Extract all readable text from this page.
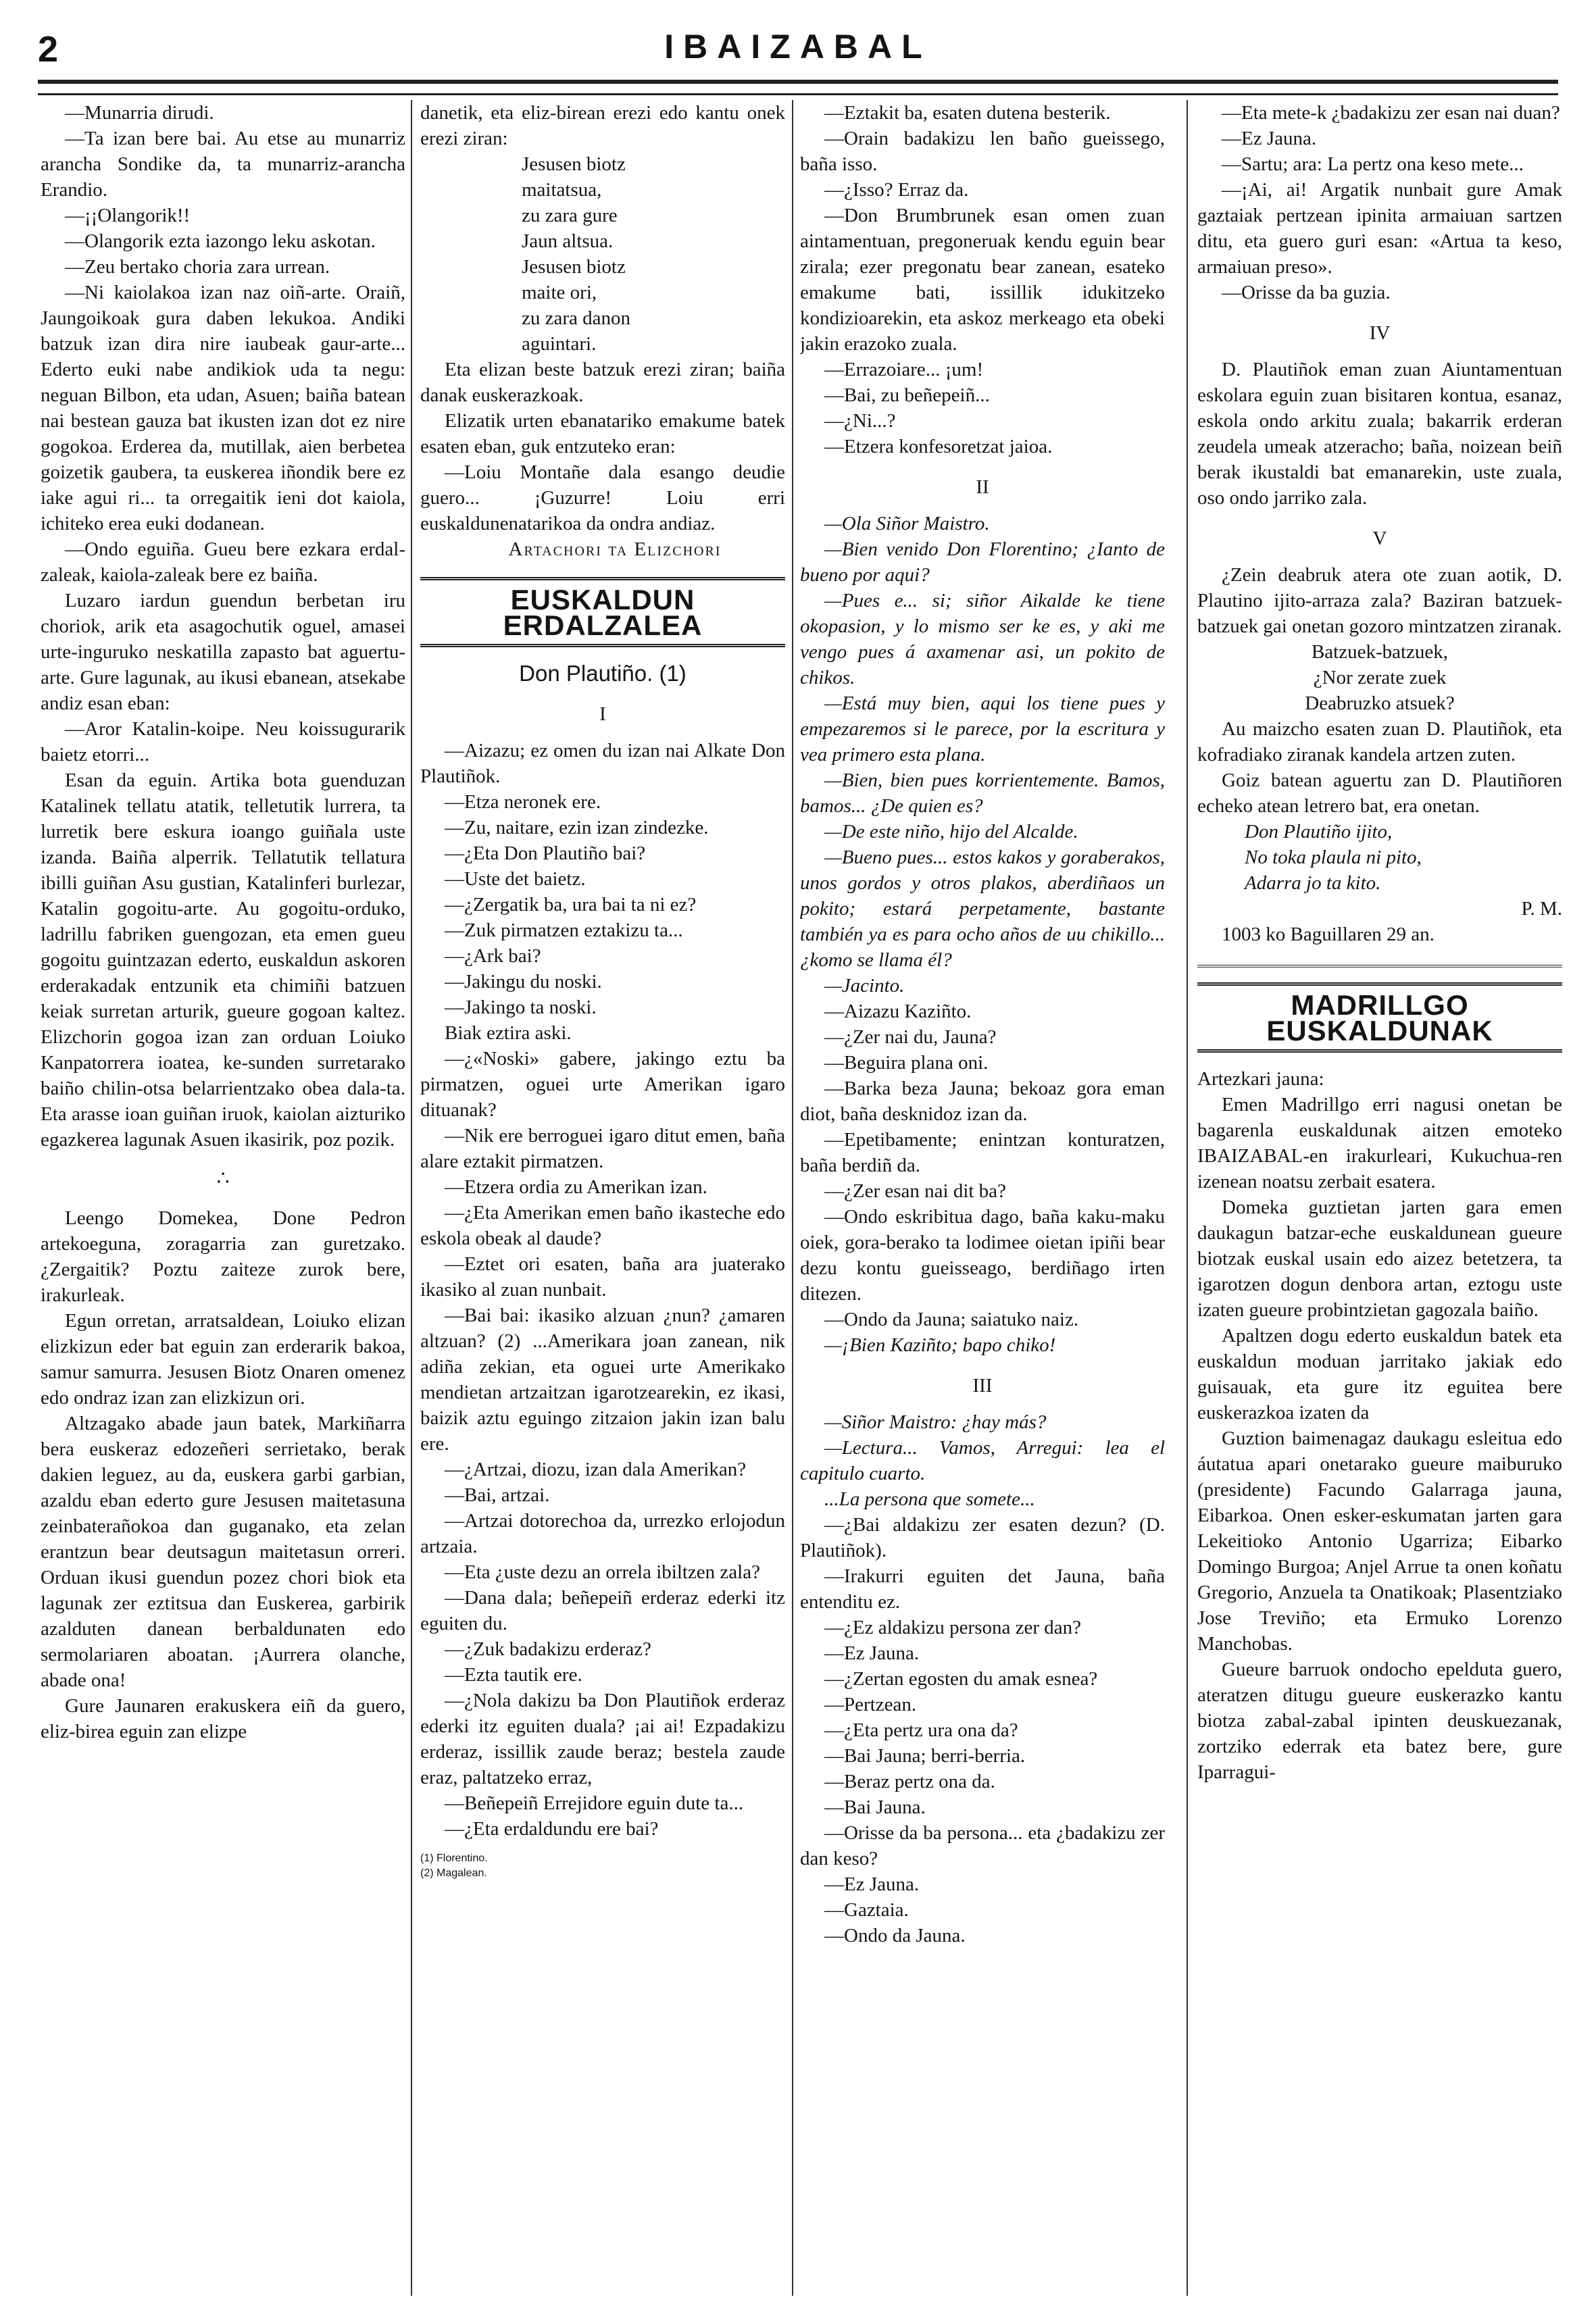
2	IBAIZABAL

—Munarria dirudi.

—Ta izan bere bai. Au etse au munarriz arancha Sondike da, ta munarriz-arancha Erandio.

—¡¡Olangorik!!

—Olangorik ezta iazongo leku askotan.

—Zeu bertako choria zara urrean.

—Ni kaiolakoa izan naz oiñ-arte. Oraiñ, Jaungoikoak gura daben lekukoa. Andiki batzuk izan dira nire iaubeak gaur-arte... Ederto euki nabe andikiok uda ta negu: neguan Bilbon, eta udan, Asuen; baiña batean nai bestean gauza bat ikusten izan dot ez nire gogokoa. Erderea da, mutillak, aien berbetea goizetik gaubera, ta euskerea iñondik bere ez iake agui ri... ta orregaitik ieni dot kaiola, ichiteko erea euki dodanean.

—Ondo eguiña. Gueu bere ezkara erdal-zaleak, kaiola-zaleak bere ez baiña.

Luzaro iardun guendun berbetan iru choriok, arik eta asagochutik oguel, amasei urte-inguruko neskatilla zapasto bat aguertu-arte. Gure lagunak, au ikusi ebanean, atsekabe andiz esan eban:

—Aror Katalin-koipe. Neu koissugurarik baietz etorri...

Esan da eguin. Artika bota guenduzan Katalinek tellatu atatik, telletutik lurrera, ta lurretik bere eskura ioango guiñala uste izanda. Baiña alperrik. Tellatutik tellatura ibilli guiñan Asu gustian, Katalinferi burlezar, Katalin gogoitu-arte. Au gogoitu-orduko, ladrillu fabriken guengozan, eta emen gueu gogoitu guintzazan ederto, euskaldun askoren erderakadak entzunik eta chimiñi batzuen keiak surretan arturik, gueure gogoan kaltez. Elizchorin gogoa izan zan orduan Loiuko Kanpatorrera ioatea, ke-sunden surretarako baiño chilin-otsa belarrientzako obea dala-ta. Eta arasse ioan guiñan iruok, kaiolan aizturiko egazkerea lagunak Asuen ikasirik, poz pozik.

∴

Leengo Domekea, Done Pedron artekoeguna, zoragarria zan guretzako. ¿Zergaitik? Poztu zaiteze zurok bere, irakurleak.

Egun orretan, arratsaldean, Loiuko elizan elizkizun eder bat eguin zan erderarik bakoa, samur samurra. Jesusen Biotz Onaren omenez edo ondraz izan zan elizkizun ori.

Altzagako abade jaun batek, Markiñarra bera euskeraz edozeñeri serrietako, berak dakien leguez, au da, euskera garbi garbian, azaldu eban ederto gure Jesusen maitetasuna zeinbaterañokoa dan guganako, eta zelan erantzun bear deutsagun maitetasun orreri. Orduan ikusi guendun pozez chori biok eta lagunak zer eztitsua dan Euskerea, garbirik azalduten danean berbaldunaten edo sermolariaren aboatan. ¡Aurrera olanche, abade ona!

Gure Jaunaren erakuskera eiñ da guero, eliz-birea eguin zan elizpe

danetik, eta eliz-birean erezi edo kantu onek erezi ziran:

Jesusen biotz

maitatsua,

zu zara gure

Jaun altsua.

Jesusen biotz

maite ori,

zu zara danon

aguintari.

Eta elizan beste batzuk erezi ziran; baiña danak euskerazkoak.

Elizatik urten ebanatariko emakume batek esaten eban, guk entzuteko eran:

—Loiu Montañe dala esango deudie guero... ¡Guzurre! Loiu erri euskaldunenatarikoa da ondra andiaz.

Artachori ta Elizchori

EUSKALDUN ERDALZALEA
Don Plautiño. (1)
I

—Aizazu; ez omen du izan nai Alkate Don Plautiñok.

—Etza neronek ere.

—Zu, naitare, ezin izan zindezke.

—¿Eta Don Plautiño bai?

—Uste det baietz.

—¿Zergatik ba, ura bai ta ni ez?

—Zuk pirmatzen eztakizu ta...

—¿Ark bai?

—Jakingu du noski.

—Jakingo ta noski.

Biak eztira aski.

—¿«Noski» gabere, jakingo eztu ba pirmatzen, oguei urte Amerikan igaro dituanak?

—Nik ere berroguei igaro ditut emen, baña alare eztakit pirmatzen.

—Etzera ordia zu Amerikan izan.

—¿Eta Amerikan emen baño ikasteche edo eskola obeak al daude?

—Eztet ori esaten, baña ara juaterako ikasiko al zuan nunbait.

—Bai bai: ikasiko alzuan ¿nun? ¿amaren altzuan? (2) ...Amerikara joan zanean, nik adiña zekian, eta oguei urte Amerikako mendietan artzaitzan igarotzearekin, ez ikasi, baizik aztu eguingo zitzaion jakin izan balu ere.

—¿Artzai, diozu, izan dala Amerikan?

—Bai, artzai.

—Artzai dotorechoa da, urrezko erlojodun artzaia.

—Eta ¿uste dezu an orrela ibiltzen zala?

—Dana dala; beñepeiñ erderaz ederki itz eguiten du.

—¿Zuk badakizu erderaz?

—Ezta tautik ere.

—¿Nola dakizu ba Don Plautiñok erderaz ederki itz eguiten duala? ¡ai ai! Ezpadakizu erderaz, issillik zaude beraz; bestela zaude eraz, paltatzeko erraz,

—Beñepeiñ Errejidore eguin dute ta...

—¿Eta erdaldundu ere bai?

(1) Florentino.

(2) Magalean.

—Eztakit ba, esaten dutena besterik.

—Orain badakizu len baño gueissego, baña isso.

—¿Isso? Erraz da.

—Don Brumbrunek esan omen zuan aintamentuan, pregoneruak kendu eguin bear zirala; ezer pregonatu bear zanean, esateko emakume bati, issillik idukitzeko kondizioarekin, eta askoz merkeago eta obeki jakin erazoko zuala.

—Errazoiare... ¡um!

—Bai, zu beñepeiñ...

—¿Ni...?

—Etzera konfesoretzat jaioa.

II

—Ola Siñor Maistro.

—Bien venido Don Florentino; ¿Ianto de bueno por aqui?

—Pues e... si; siñor Aikalde ke tiene okopasion, y lo mismo ser ke es, y aki me vengo pues á axamenar asi, un pokito de chikos.

—Está muy bien, aqui los tiene pues y empezaremos si le parece, por la escritura y vea primero esta plana.

—Bien, bien pues korrientemente. Bamos, bamos... ¿De quien es?

—De este niño, hijo del Alcalde.

—Bueno pues... estos kakos y goraberakos, unos gordos y otros plakos, aberdiñaos un pokito; estará perpetamente, bastante también ya es para ocho años de uu chikillo... ¿komo se llama él?

—Jacinto.

—Aizazu Kaziñto.

—¿Zer nai du, Jauna?

—Beguira plana oni.

—Barka beza Jauna; bekoaz gora eman diot, baña desknidoz izan da.

—Epetibamente; enintzan konturatzen, baña berdiñ da.

—¿Zer esan nai dit ba?

—Ondo eskribitua dago, baña kaku-maku oiek, gora-berako ta lodimee oietan ipiñi bear dezu kontu gueisseago, berdiñago irten ditezen.

—Ondo da Jauna; saiatuko naiz.

—¡Bien Kaziñto; bapo chiko!

III

—Siñor Maistro: ¿hay más?

—Lectura... Vamos, Arregui: lea el capitulo cuarto.

...La persona que somete...

—¿Bai aldakizu zer esaten dezun? (D. Plautiñok).

—Irakurri eguiten det Jauna, baña entenditu ez.

—¿Ez aldakizu persona zer dan?

—Ez Jauna.

—¿Zertan egosten du amak esnea?

—Pertzean.

—¿Eta pertz ura ona da?

—Bai Jauna; berri-berria.

—Beraz pertz ona da.

—Bai Jauna.

—Orisse da ba persona... eta ¿badakizu zer dan keso?

—Ez Jauna.

—Gaztaia.

—Ondo da Jauna.

—Eta mete-k ¿badakizu zer esan nai duan?

—Ez Jauna.

—Sartu; ara: La pertz ona keso mete...

—¡Ai, ai! Argatik nunbait gure Amak gaztaiak pertzean ipinita armaiuan sartzen ditu, eta guero guri esan: «Artua ta keso, armaiuan preso».

—Orisse da ba guzia.

IV

D. Plautiñok eman zuan Aiuntamentuan eskolara eguin zuan bisitaren kontua, esanaz, eskola ondo arkitu zuala; bakarrik erderan zeudela umeak atzeracho; baña, noizean beiñ berak ikustaldi bat emanarekin, uste zuala, oso ondo jarriko zala.

V

¿Zein deabruk atera ote zuan aotik, D. Plautino ijito-arraza zala? Baziran batzuek-batzuek gai onetan gozoro mintzatzen ziranak.

Batzuek-batzuek,

¿Nor zerate zuek

Deabruzko atsuek?

Au maizcho esaten zuan D. Plautiñok, eta kofradiako ziranak kandela artzen zuten.

Goiz batean aguertu zan D. Plautiñoren echeko atean letrero bat, era onetan.

Don Plautiño ijito,

No toka plaula ni pito,

Adarra jo ta kito.

P. M.

1003 ko Baguillaren 29 an.

MADRILLGO EUSKALDUNAK

Artezkari jauna:

Emen Madrillgo erri nagusi onetan be bagarenla euskaldunak aitzen emoteko IBAIZABAL-en irakurleari, Kukuchua-ren izenean noatsu zerbait esatera.

Domeka guztietan jarten gara emen daukagun batzar-eche euskaldunean gueure biotzak euskal usain edo aizez betetzera, ta igarotzen dogun denbora artan, eztogu uste izaten gueure probintzietan gagozala baiño.

Apaltzen dogu ederto euskaldun batek eta euskaldun moduan jarritako jakiak edo guisauak, eta gure itz eguitea bere euskerazkoa izaten da

Guztion baimenagaz daukagu esleitua edo áutatua apari onetarako gueure maiburuko (presidente) Facundo Galarraga jauna, Eibarkoa. Onen esker-eskumatan jarten gara Lekeitioko Antonio Ugarriza; Eibarko Domingo Burgoa; Anjel Arrue ta onen koñatu Gregorio, Anzuela ta Onatikoak; Plasentziako Jose Treviño; eta Ermuko Lorenzo Manchobas.

Gueure barruok ondocho epelduta guero, ateratzen ditugu gueure euskerazko kantu biotza zabal-zabal ipinten deuskuezanak, zortziko ederrak eta batez bere, gure Iparragui-
